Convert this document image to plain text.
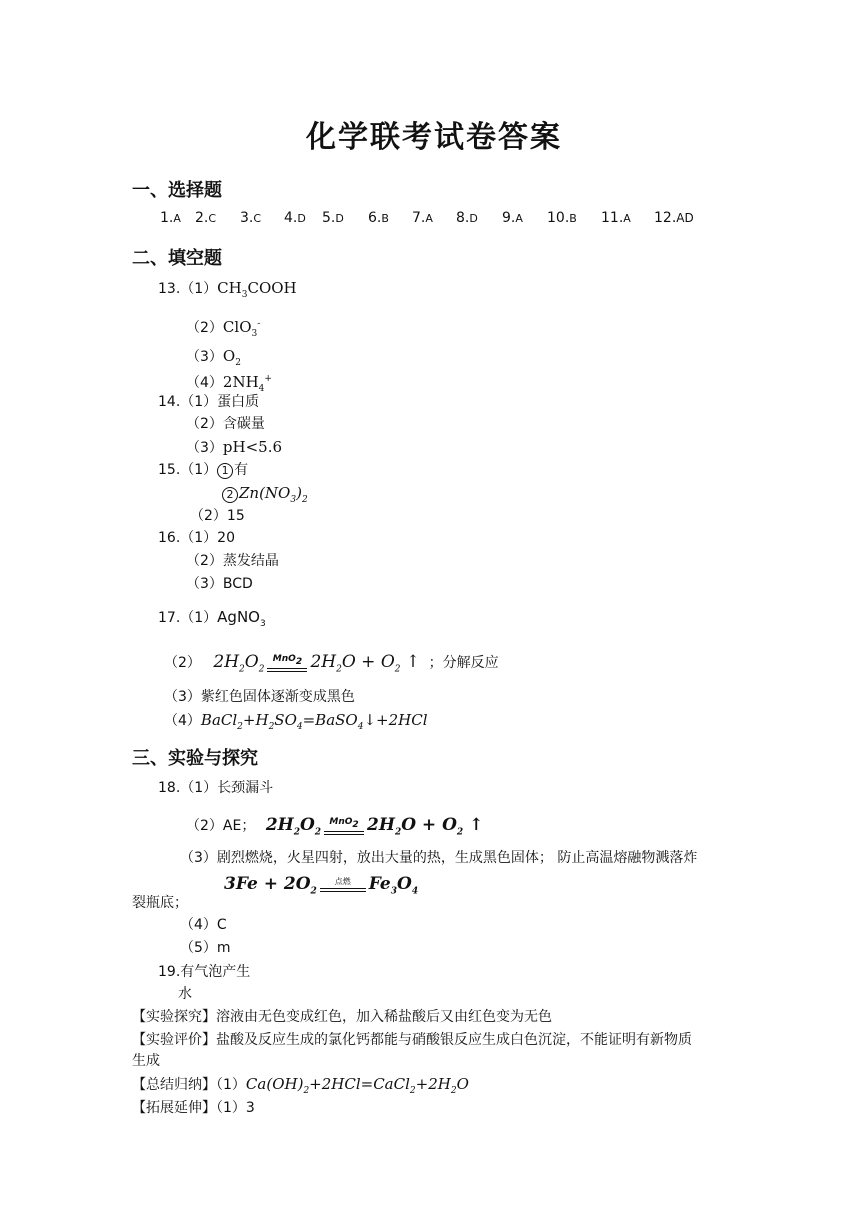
化学联考试卷答案
一、选择题
1.A 2.C 3.C 4.D 5.D 6.B 7.A 8.D 9.A 10.B 11.A 12.AD
二、填空题
$13.(1)CH_3COOH$
（2）ClO$_3$-
$(3)O_2$
$(4)2NH_4^+$
14.（1）蛋白质
（2）含碳量
（3）pH<5.6
15.（1） 1 有
2 $Zn(NO_3)_2$
（2）15
16.（1）20
（2）蒸发结晶
（3）BCD
17.（1）AgNO$_3$
（2） $2H_2O_2$
MnO$_2$ $2H_2O + O_2$ ↑ ；分解反应
（3）紫红色固体逐渐变成黑色
$(4)BaCl_2+H_2SO_4=BaSO_4↓+2HCl$
三、实验与探究
18.（1）长颈漏斗
（2）AE； $2H_2O_2$
MnO$_2$ $2H_2O + O_2$ ↑
（3）剧烈燃烧，火星四射，放出大量的热，生成黑色固体； 防止高温熔融物溅落炸
裂瓶底；
$3Fe + 2O_2$
点燃	$Fe_3O_4$
（4）C
（5）m
19.有气泡产生
水
【实验探究】溶液由无色变成红色，加入稀盐酸后又由红色变为无色
【实验评价】盐酸及反应生成的氯化钙都能与硝酸银反应生成白色沉淀，不能证明有新物质
生成
【总结归纳】$(1)Ca(OH)_2+2HCl=CaCl_2+2H_2O$
【拓展延伸】（1）3
